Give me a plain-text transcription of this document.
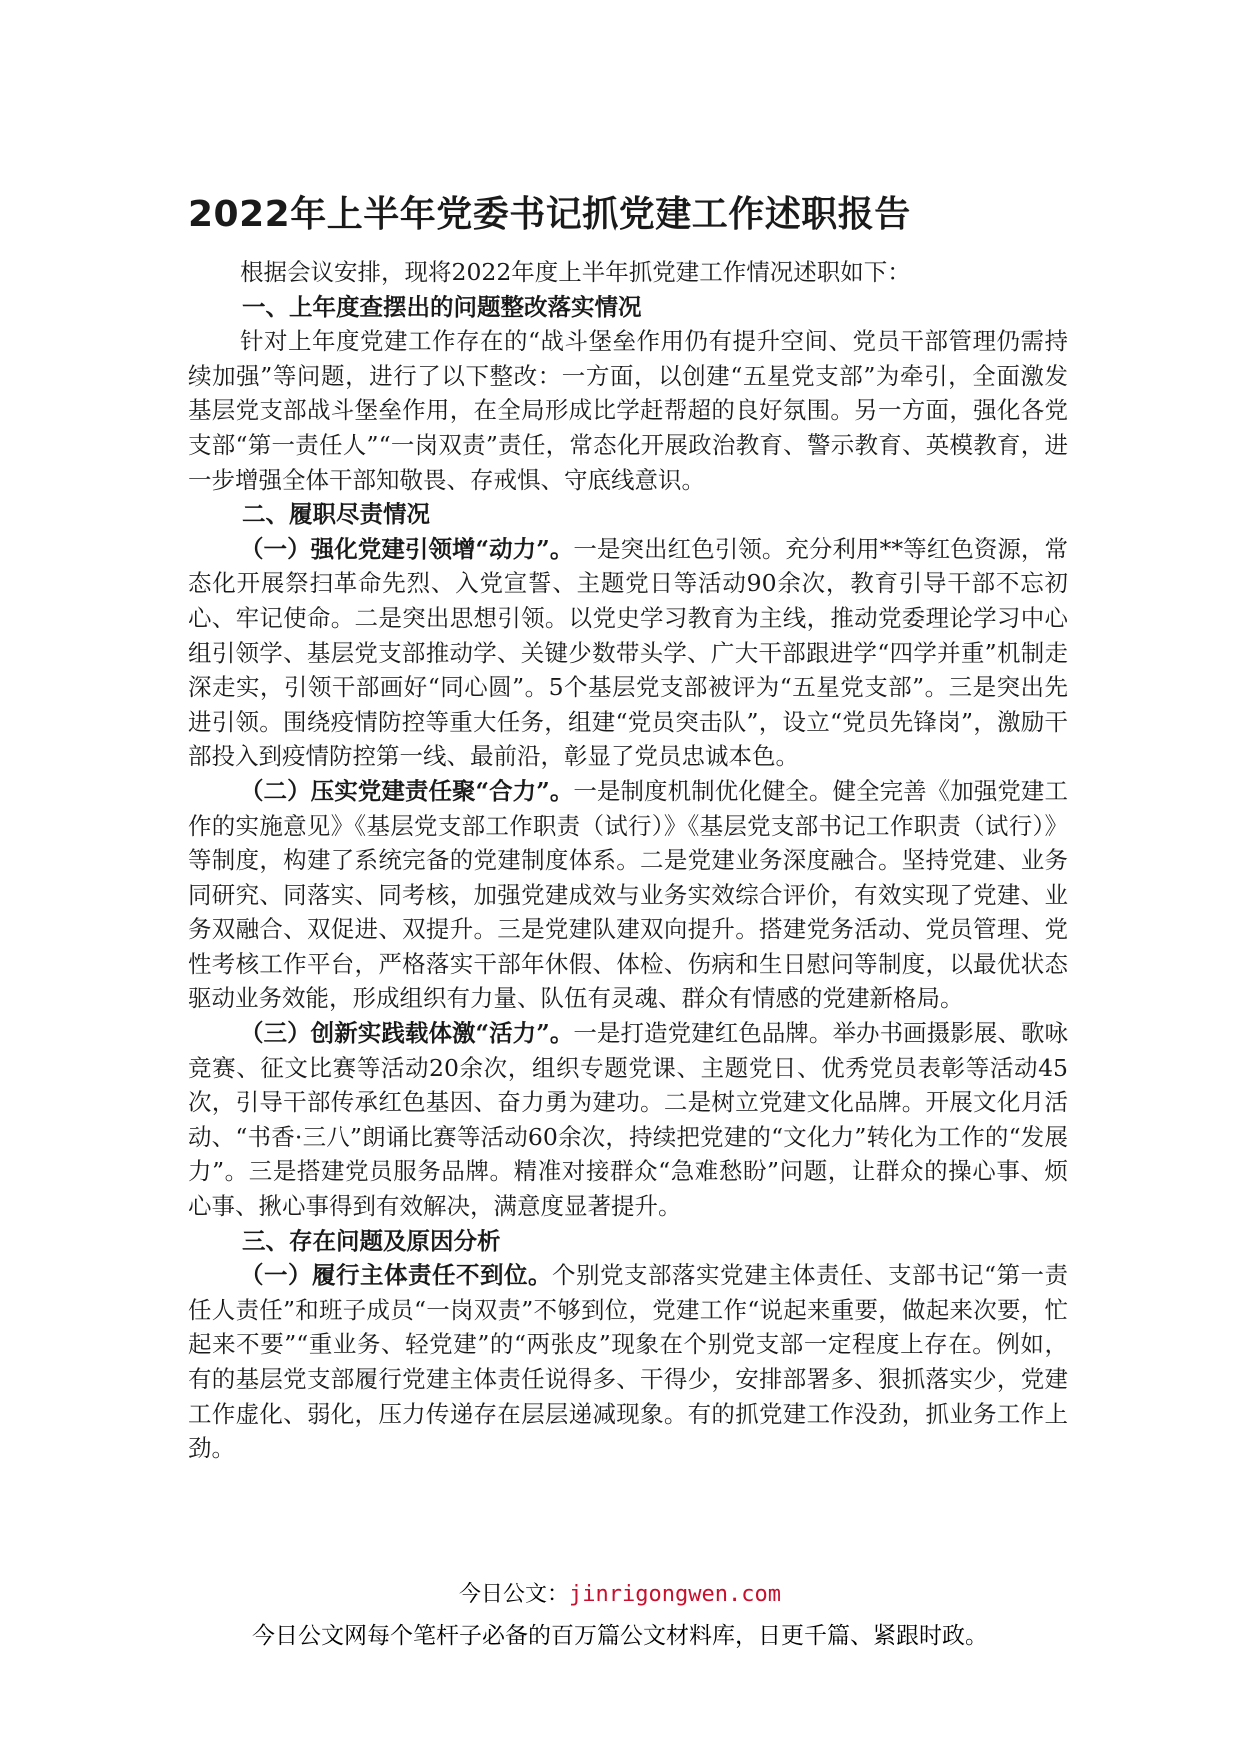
2022年上半年党委书记抓党建工作述职报告

根据会议安排，现将2022年度上半年抓党建工作情况述职如下：

一、上年度查摆出的问题整改落实情况

针对上年度党建工作存在的“战斗堡垒作用仍有提升空间、党员干部管理仍需持续加强”等问题，进行了以下整改：一方面，以创建“五星党支部”为牵引，全面激发基层党支部战斗堡垒作用，在全局形成比学赶帮超的良好氛围。另一方面，强化各党支部“第一责任人”“一岗双责”责任，常态化开展政治教育、警示教育、英模教育，进一步增强全体干部知敬畏、存戒惧、守底线意识。

二、履职尽责情况

（一）强化党建引领增“动力”。一是突出红色引领。充分利用**等红色资源，常态化开展祭扫革命先烈、入党宣誓、主题党日等活动90余次，教育引导干部不忘初心、牢记使命。二是突出思想引领。以党史学习教育为主线，推动党委理论学习中心组引领学、基层党支部推动学、关键少数带头学、广大干部跟进学“四学并重”机制走深走实，引领干部画好“同心圆”。5个基层党支部被评为“五星党支部”。三是突出先进引领。围绕疫情防控等重大任务，组建“党员突击队”，设立“党员先锋岗”，激励干部投入到疫情防控第一线、最前沿，彰显了党员忠诚本色。

（二）压实党建责任聚“合力”。一是制度机制优化健全。健全完善《加强党建工作的实施意见》《基层党支部工作职责（试行）》《基层党支部书记工作职责（试行）》等制度，构建了系统完备的党建制度体系。二是党建业务深度融合。坚持党建、业务同研究、同落实、同考核，加强党建成效与业务实效综合评价，有效实现了党建、业务双融合、双促进、双提升。三是党建队建双向提升。搭建党务活动、党员管理、党性考核工作平台，严格落实干部年休假、体检、伤病和生日慰问等制度，以最优状态驱动业务效能，形成组织有力量、队伍有灵魂、群众有情感的党建新格局。

（三）创新实践载体激“活力”。一是打造党建红色品牌。举办书画摄影展、歌咏竞赛、征文比赛等活动20余次，组织专题党课、主题党日、优秀党员表彰等活动45次，引导干部传承红色基因、奋力勇为建功。二是树立党建文化品牌。开展文化月活动、“书香·三八”朗诵比赛等活动60余次，持续把党建的“文化力”转化为工作的“发展力”。三是搭建党员服务品牌。精准对接群众“急难愁盼”问题，让群众的操心事、烦心事、揪心事得到有效解决，满意度显著提升。

三、存在问题及原因分析

（一）履行主体责任不到位。个别党支部落实党建主体责任、支部书记“第一责任人责任”和班子成员“一岗双责”不够到位，党建工作“说起来重要，做起来次要，忙起来不要”“重业务、轻党建”的“两张皮”现象在个别党支部一定程度上存在。例如，有的基层党支部履行党建主体责任说得多、干得少，安排部署多、狠抓落实少，党建工作虚化、弱化，压力传递存在层层递减现象。有的抓党建工作没劲，抓业务工作上劲。

今日公文：jinrigongwen.com
今日公文网每个笔杆子必备的百万篇公文材料库，日更千篇、紧跟时政。
